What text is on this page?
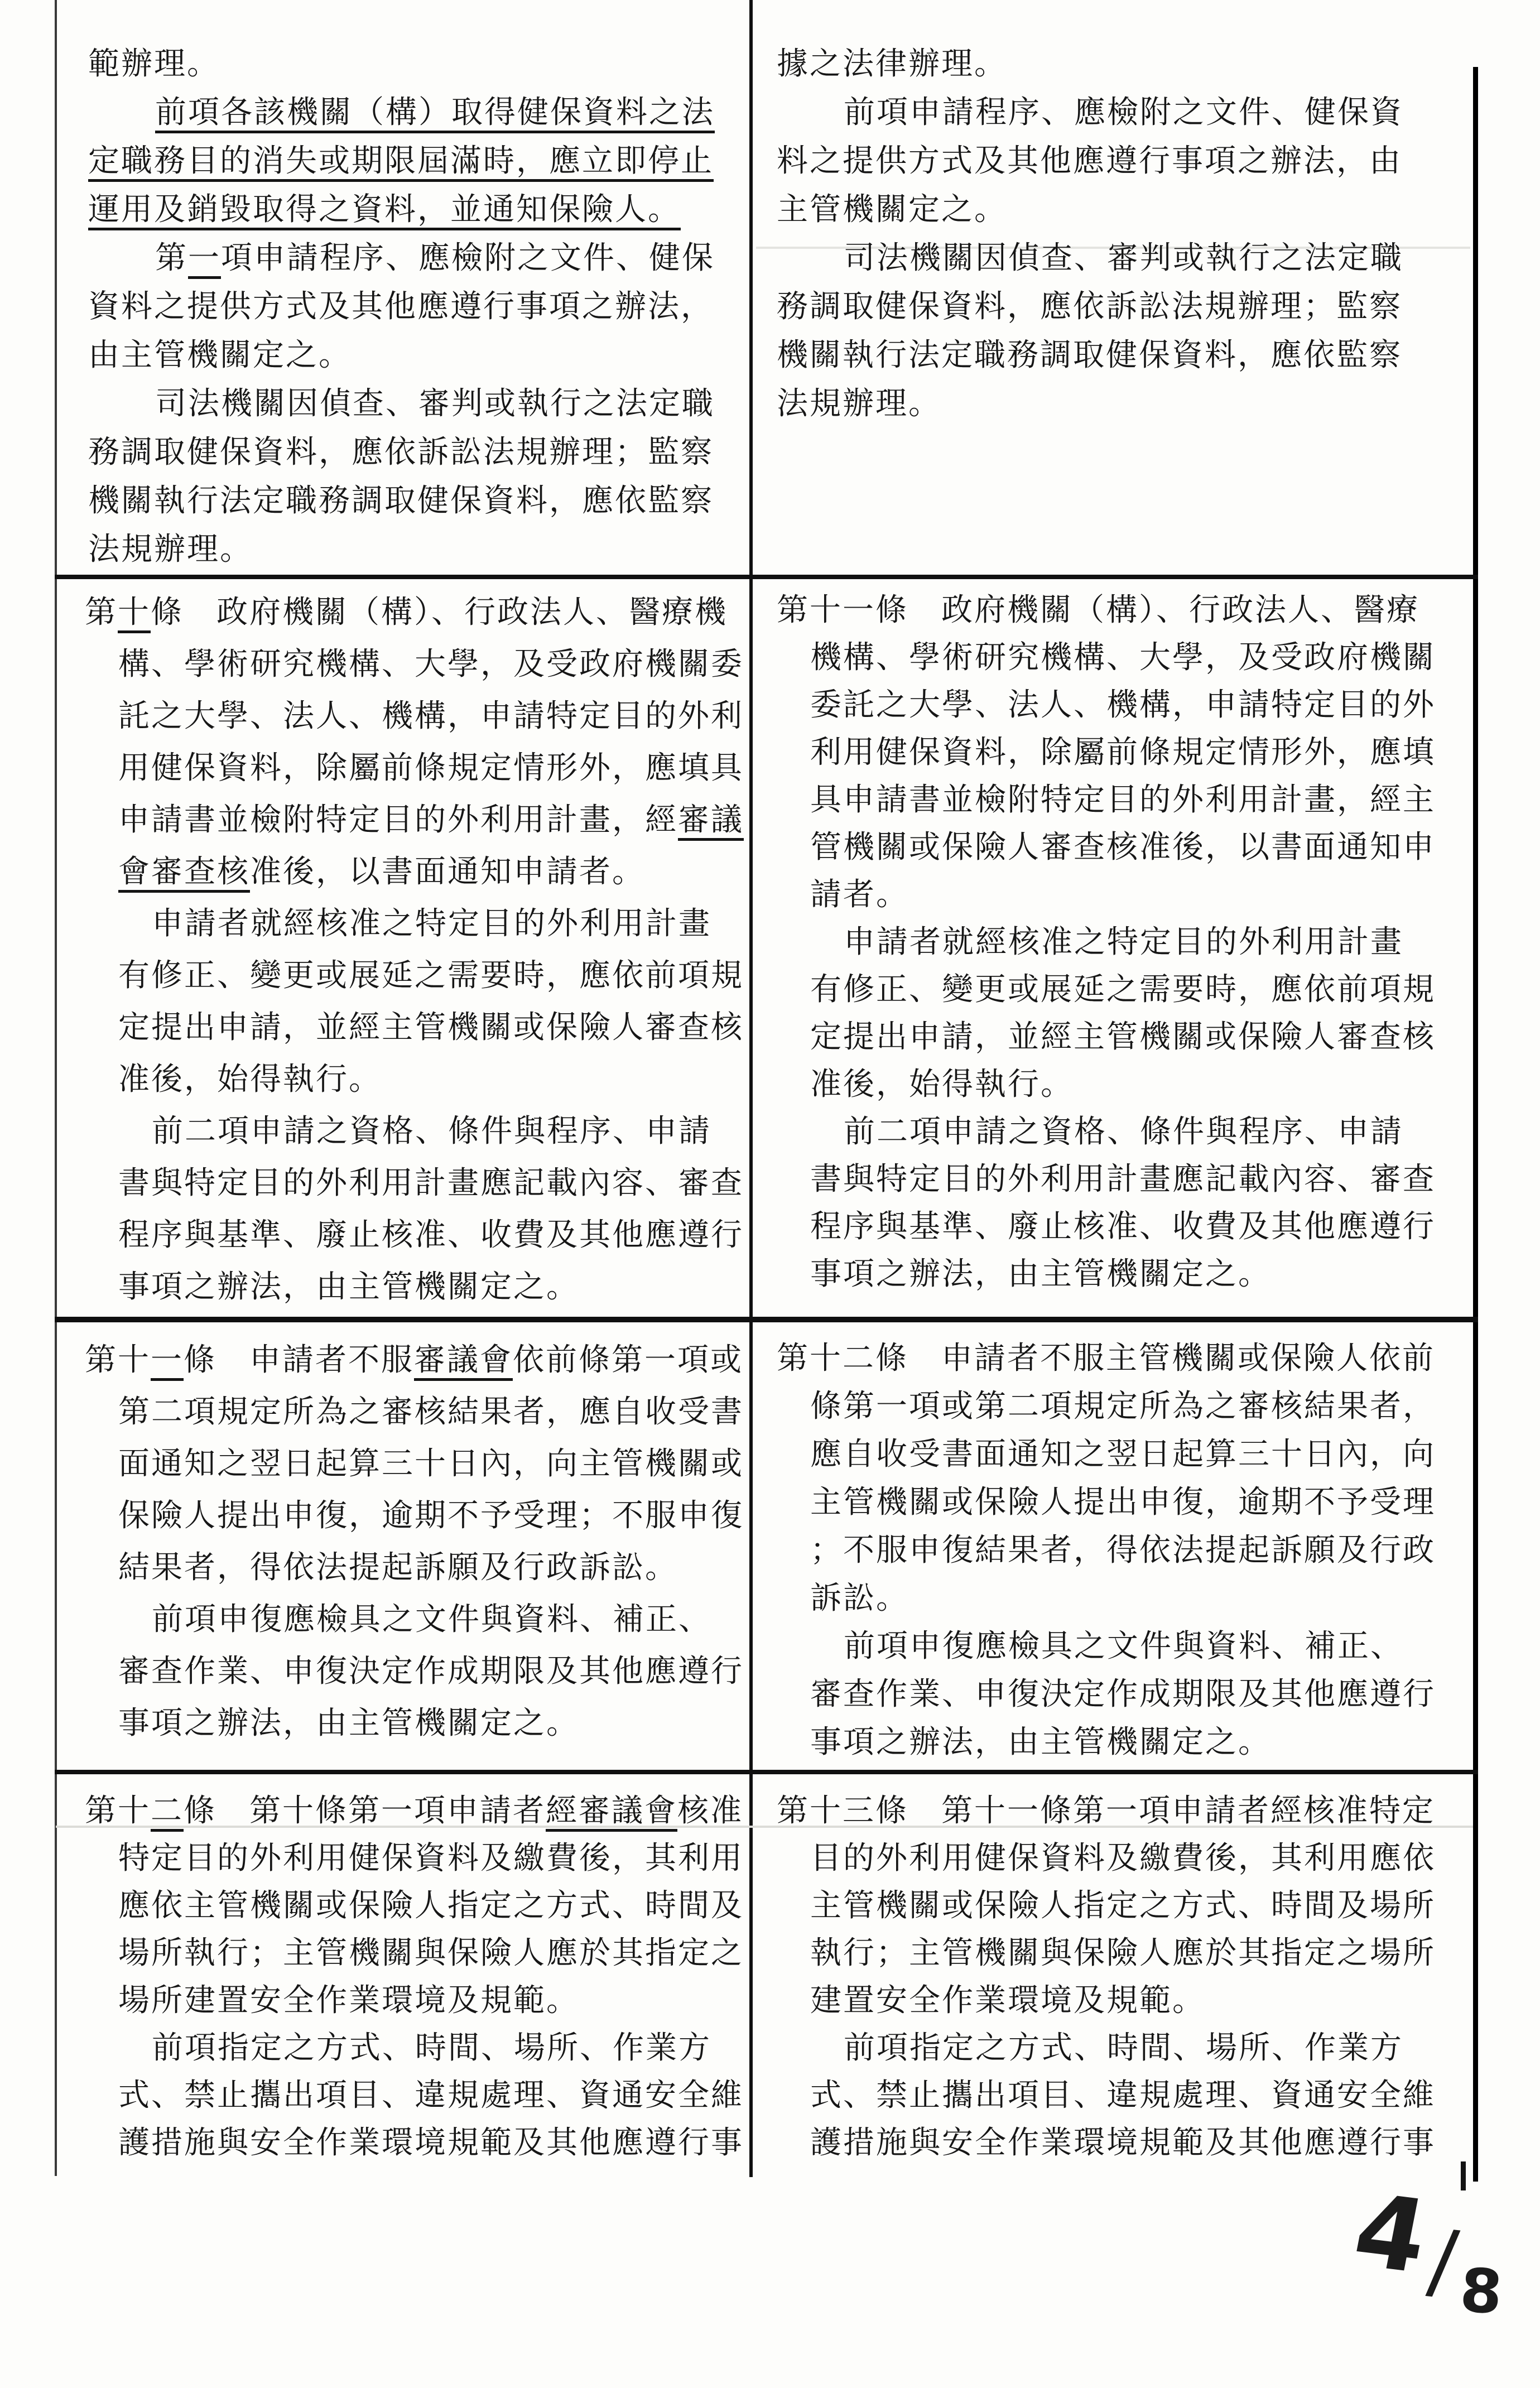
範辦理。
前項各該機關（構）取得健保資料之法
定職務目的消失或期限屆滿時，應立即停止
運用及銷毀取得之資料，並通知保險人。
第一項申請程序、應檢附之文件、健保
資料之提供方式及其他應遵行事項之辦法，
由主管機關定之。
司法機關因偵查、審判或執行之法定職
務調取健保資料，應依訴訟法規辦理；監察
機關執行法定職務調取健保資料，應依監察
法規辦理。
據之法律辦理。
前項申請程序、應檢附之文件、健保資
料之提供方式及其他應遵行事項之辦法，由
主管機關定之。
司法機關因偵查、審判或執行之法定職
務調取健保資料，應依訴訟法規辦理；監察
機關執行法定職務調取健保資料，應依監察
法規辦理。
第十條　政府機關（構）、行政法人、醫療機
構、學術研究機構、大學，及受政府機關委
託之大學、法人、機構，申請特定目的外利
用健保資料，除屬前條規定情形外，應填具
申請書並檢附特定目的外利用計畫，經審議
會審查核准後，以書面通知申請者。
申請者就經核准之特定目的外利用計畫
有修正、變更或展延之需要時，應依前項規
定提出申請，並經主管機關或保險人審查核
准後，始得執行。
前二項申請之資格、條件與程序、申請
書與特定目的外利用計畫應記載內容、審查
程序與基準、廢止核准、收費及其他應遵行
事項之辦法，由主管機關定之。
第十一條　政府機關（構）、行政法人、醫療
機構、學術研究機構、大學，及受政府機關
委託之大學、法人、機構，申請特定目的外
利用健保資料，除屬前條規定情形外，應填
具申請書並檢附特定目的外利用計畫，經主
管機關或保險人審查核准後，以書面通知申
請者。
申請者就經核准之特定目的外利用計畫
有修正、變更或展延之需要時，應依前項規
定提出申請，並經主管機關或保險人審查核
准後，始得執行。
前二項申請之資格、條件與程序、申請
書與特定目的外利用計畫應記載內容、審查
程序與基準、廢止核准、收費及其他應遵行
事項之辦法，由主管機關定之。
第十一條　申請者不服審議會依前條第一項或
第二項規定所為之審核結果者，應自收受書
面通知之翌日起算三十日內，向主管機關或
保險人提出申復，逾期不予受理；不服申復
結果者，得依法提起訴願及行政訴訟。
前項申復應檢具之文件與資料、補正、
審查作業、申復決定作成期限及其他應遵行
事項之辦法，由主管機關定之。
第十二條　申請者不服主管機關或保險人依前
條第一項或第二項規定所為之審核結果者，
應自收受書面通知之翌日起算三十日內，向
主管機關或保險人提出申復，逾期不予受理
；不服申復結果者，得依法提起訴願及行政
訴訟。
前項申復應檢具之文件與資料、補正、
審查作業、申復決定作成期限及其他應遵行
事項之辦法，由主管機關定之。
第十二條　第十條第一項申請者經審議會核准
特定目的外利用健保資料及繳費後，其利用
應依主管機關或保險人指定之方式、時間及
場所執行；主管機關與保險人應於其指定之
場所建置安全作業環境及規範。
前項指定之方式、時間、場所、作業方
式、禁止攜出項目、違規處理、資通安全維
護措施與安全作業環境規範及其他應遵行事
第十三條　第十一條第一項申請者經核准特定
目的外利用健保資料及繳費後，其利用應依
主管機關或保險人指定之方式、時間及場所
執行；主管機關與保險人應於其指定之場所
建置安全作業環境及規範。
前項指定之方式、時間、場所、作業方
式、禁止攜出項目、違規處理、資通安全維
護措施與安全作業環境規範及其他應遵行事
4 / 8
